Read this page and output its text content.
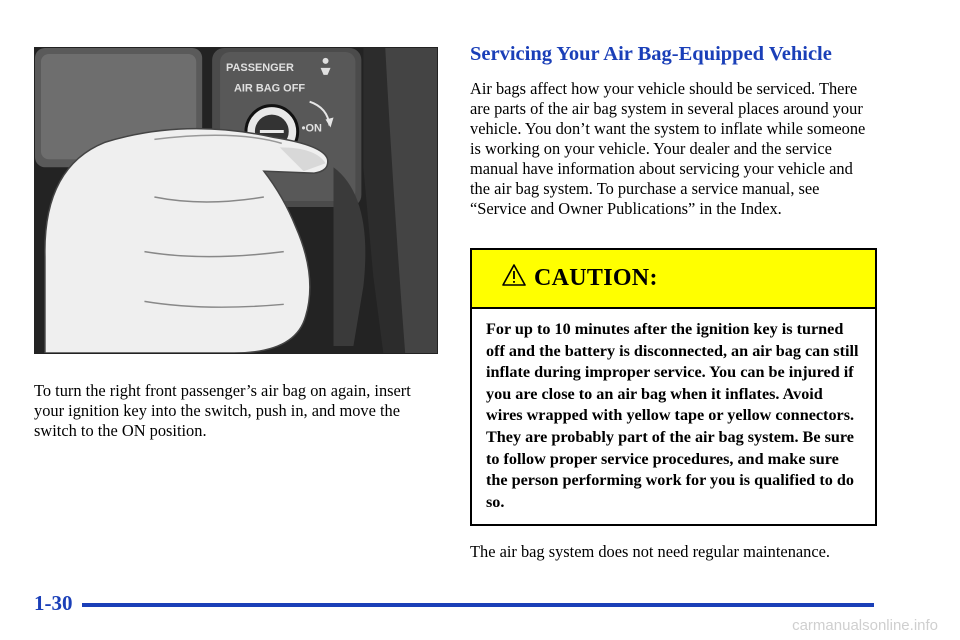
PASSENGER
AIR BAG OFF
•ON

To turn the right front passenger’s air bag on again, insert your ignition key into the switch, push in, and move the switch to the ON position.

Servicing Your Air Bag-Equipped Vehicle

Air bags affect how your vehicle should be serviced. There are parts of the air bag system in several places around your vehicle. You don’t want the system to inflate while someone is working on your vehicle. Your dealer and the service manual have information about servicing your vehicle and the air bag system. To purchase a service manual, see “Service and Owner Publications” in the Index.

CAUTION:

For up to 10 minutes after the ignition key is turned off and the battery is disconnected, an air bag can still inflate during improper service. You can be injured if you are close to an air bag when it inflates. Avoid wires wrapped with yellow tape or yellow connectors. They are probably part of the air bag system. Be sure to follow proper service procedures, and make sure the person performing work for you is qualified to do so.

The air bag system does not need regular maintenance.

1-30
carmanualsonline.info
